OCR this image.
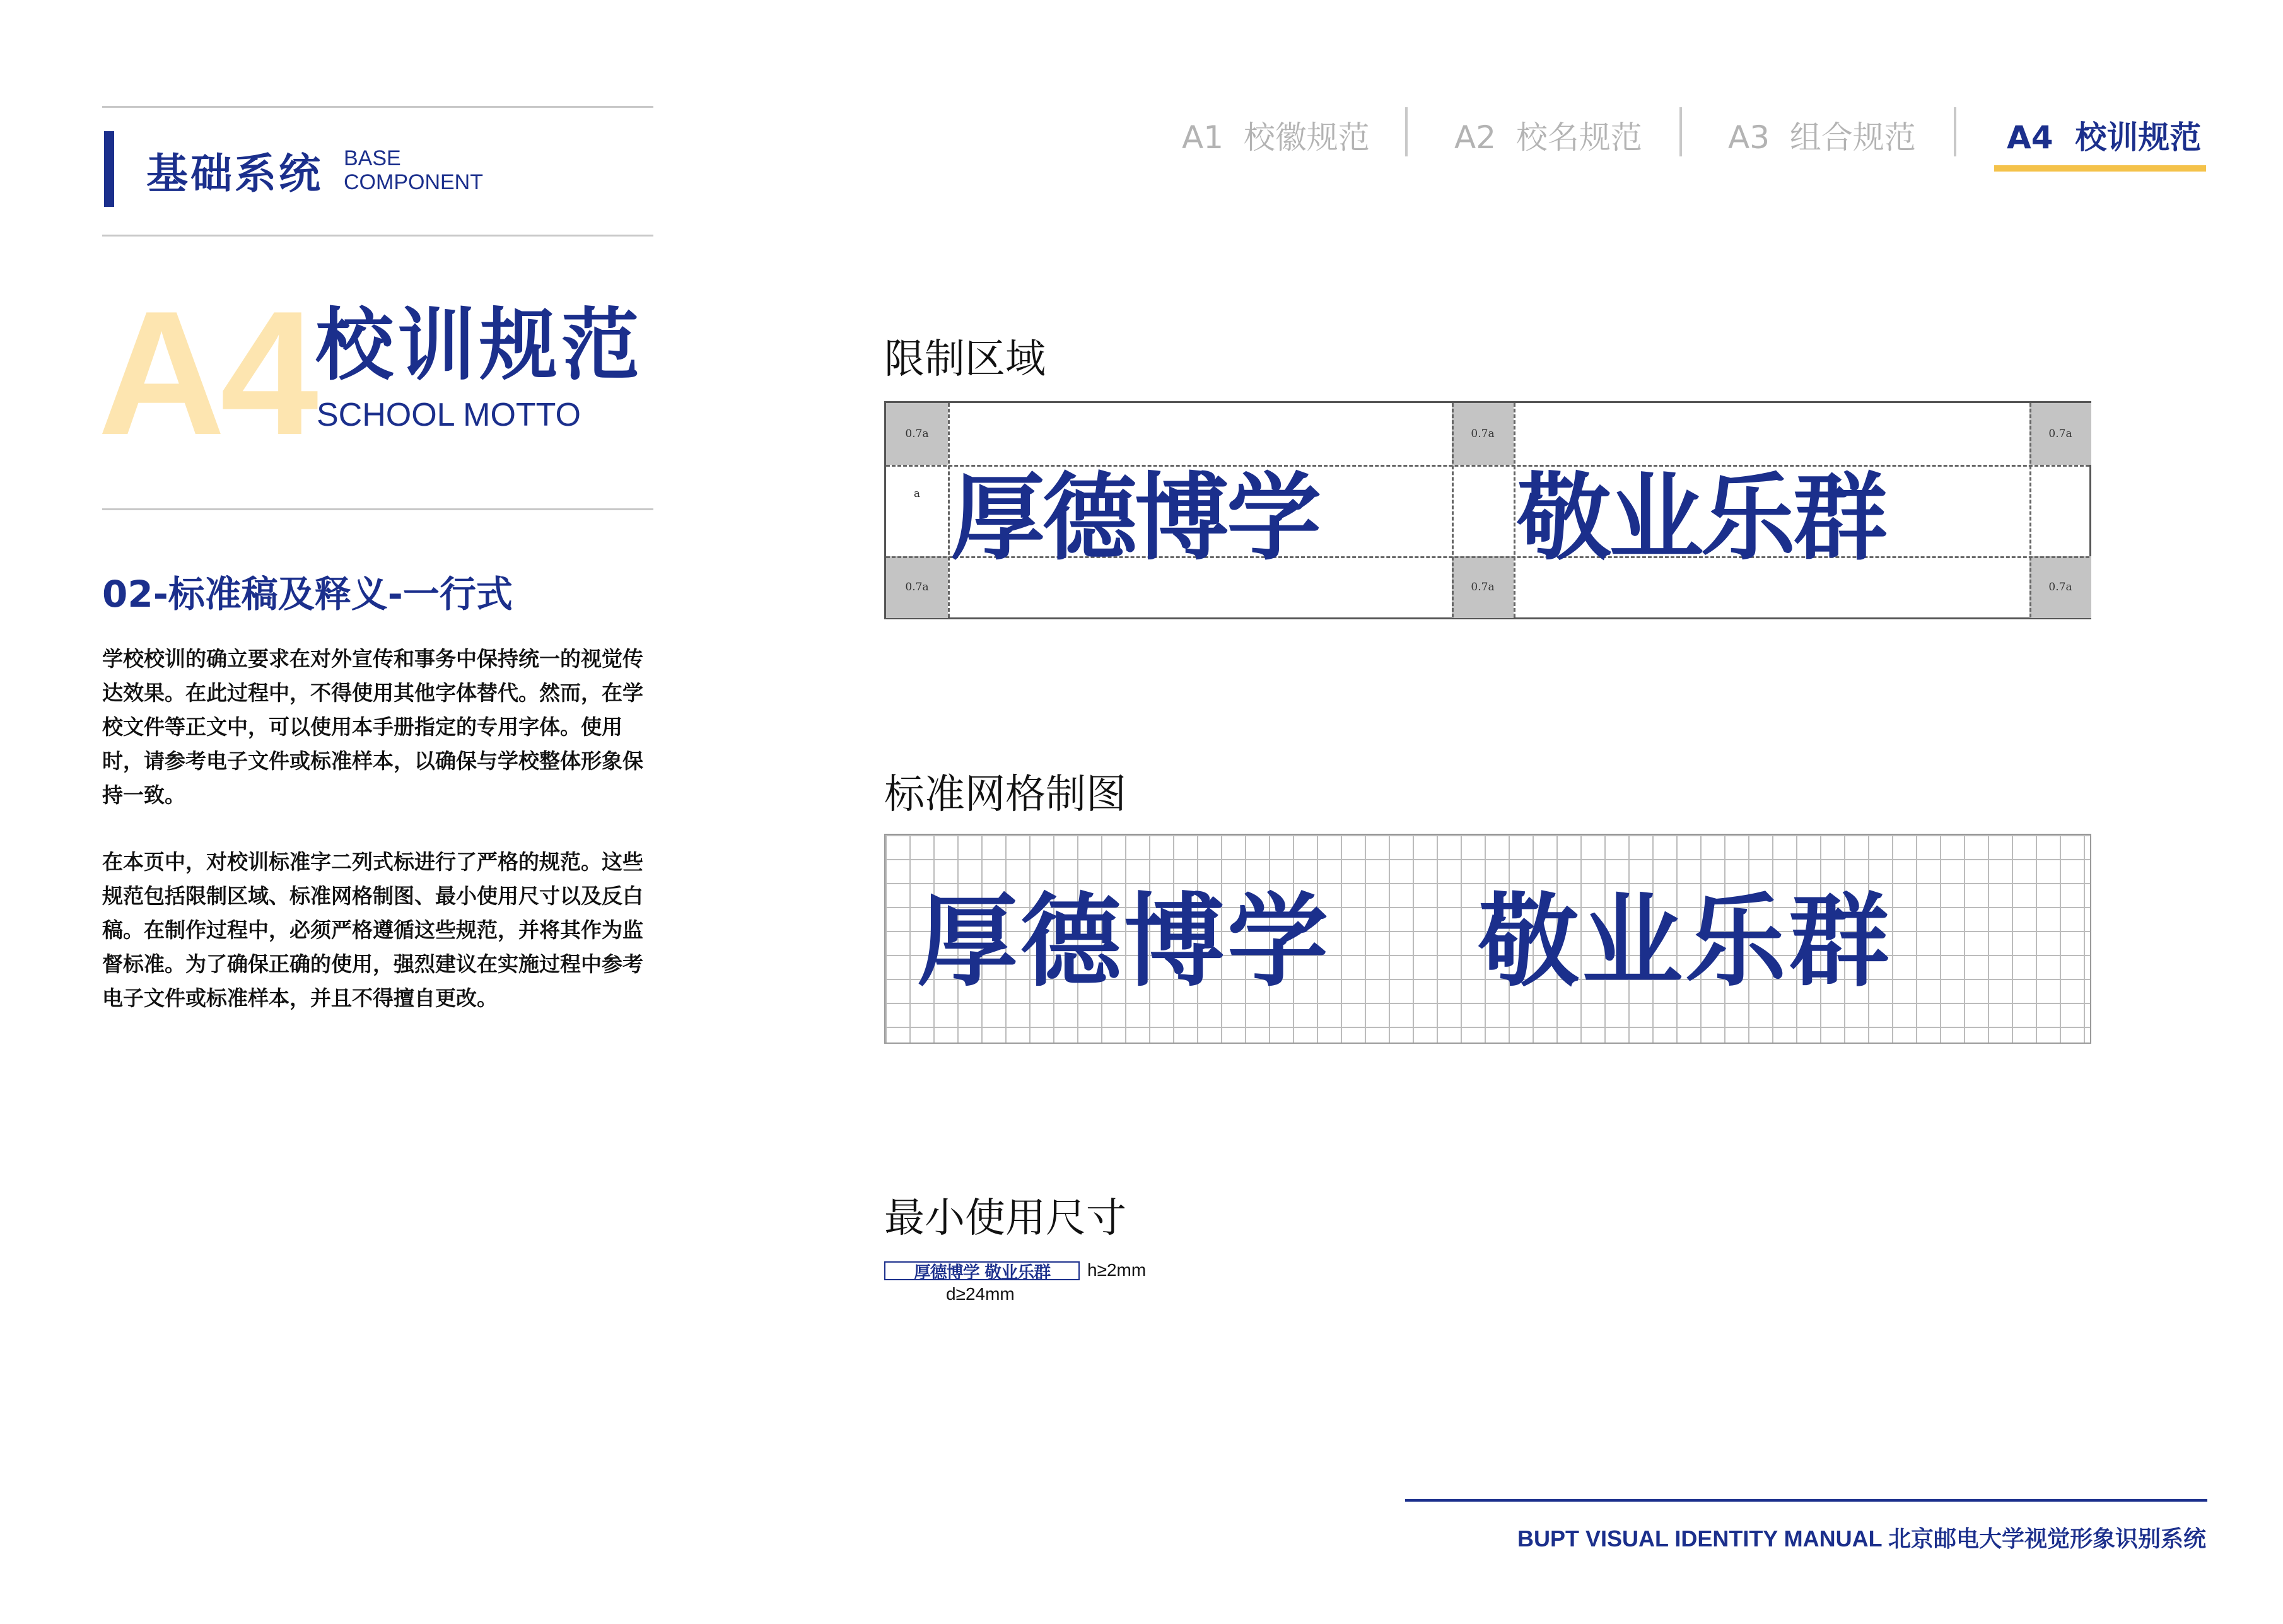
基础系统 BASE
COMPONENT
A1 校徽规范	A2 校名规范	A3 组合规范	A4 校训规范
A4 校训规范
SCHOOL MOTTO
02-标准稿及释义-一行式
学校校训的确立要求在对外宣传和事务中保持统一的视觉传达效果。在此过程中，不得使用其他字体替代。然而，在学校文件等正文中，可以使用本手册指定的专用字体。使用时，请参考电子文件或标准样本，以确保与学校整体形象保持一致。
在本页中，对校训标准字二列式标进行了严格的规范。这些规范包括限制区域、标准网格制图、最小使用尺寸以及反白稿。在制作过程中，必须严格遵循这些规范，并将其作为监督标准。为了确保正确的使用，强烈建议在实施过程中参考电子文件或标准样本，并且不得擅自更改。
限制区域
0.7a	0.7a	0.7a
0.7a	0.7a	0.7a
a 厚德博学 敬业乐群
标准网格制图
厚德博学 敬业乐群
最小使用尺寸
厚德博学
敬业乐群 h≥2mm
d≥24mm
BUPT VISUAL IDENTITY MANUAL 北京邮电大学视觉形象识别系统
